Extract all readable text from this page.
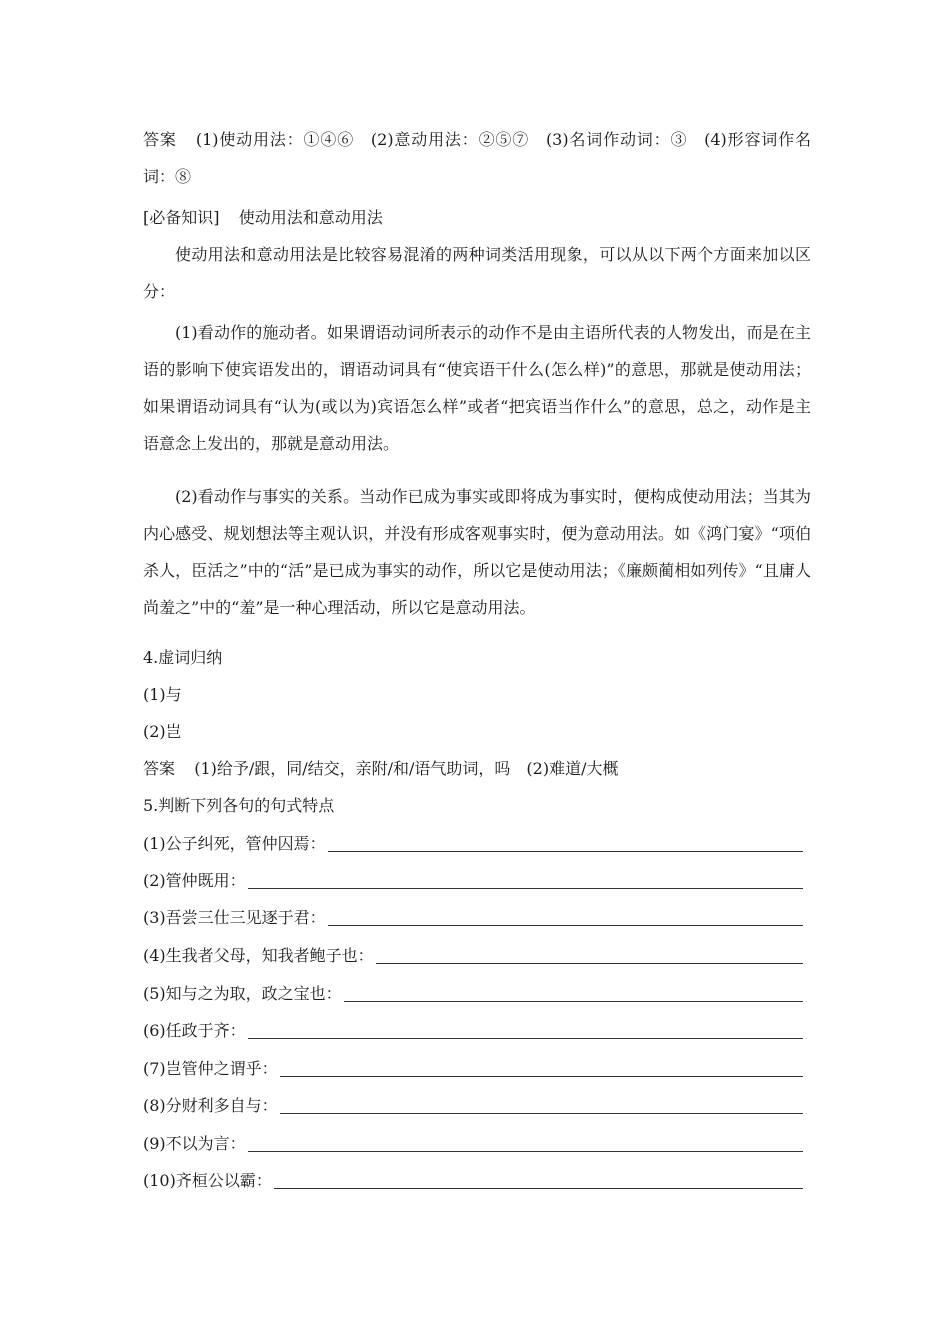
答案 (1)使动用法：①④⑥　(2)意动用法：②⑤⑦　(3)名词作动词：③　(4)形容词作名词：⑧
[必备知识] 使动用法和意动用法
使动用法和意动用法是比较容易混淆的两种词类活用现象，可以从以下两个方面来加以区分：
(1)看动作的施动者。如果谓语动词所表示的动作不是由主语所代表的人物发出，而是在主语的影响下使宾语发出的，谓语动词具有“使宾语干什么(怎么样)”的意思，那就是使动用法；如果谓语动词具有“认为(或以为)宾语怎么样”或者“把宾语当作什么”的意思，总之，动作是主语意念上发出的，那就是意动用法。
(2)看动作与事实的关系。当动作已成为事实或即将成为事实时，便构成使动用法；当其为内心感受、规划想法等主观认识，并没有形成客观事实时，便为意动用法。如《鸿门宴》“项伯杀人，臣活之”中的“活”是已成为事实的动作，所以它是使动用法；《廉颇蔺相如列传》“且庸人尚羞之”中的“羞”是一种心理活动，所以它是意动用法。
4.虚词归纳
(1)与
(2)岂
答案 (1)给予/跟，同/结交，亲附/和/语气助词，吗　(2)难道/大概
5.判断下列各句的句式特点
(1)公子纠死，管仲囚焉：
(2)管仲既用：
(3)吾尝三仕三见逐于君：
(4)生我者父母，知我者鲍子也：
(5)知与之为取，政之宝也：
(6)任政于齐：
(7)岂管仲之谓乎：
(8)分财利多自与：
(9)不以为言：
(10)齐桓公以霸：
